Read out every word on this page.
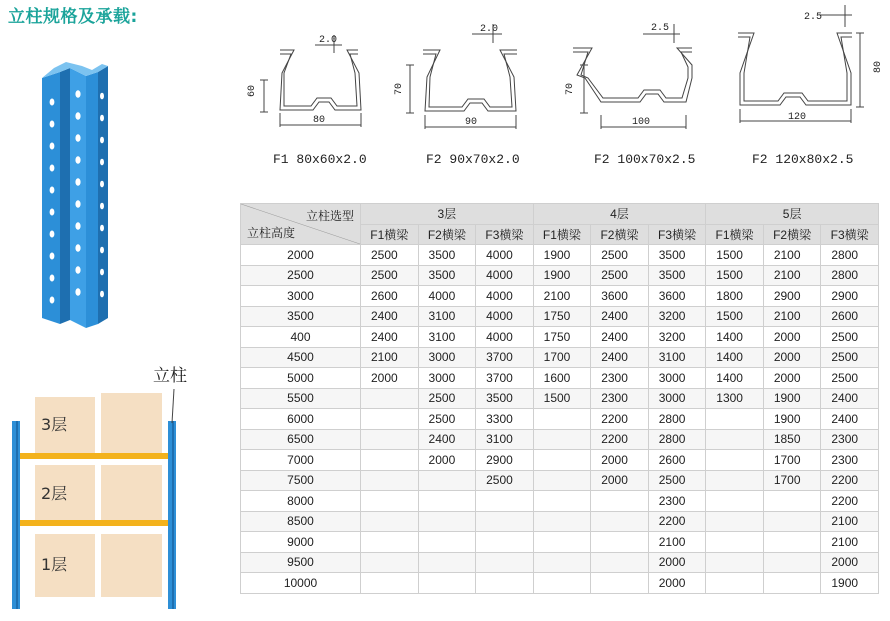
立柱规格及承载:
60
80
2.0
70
90
2.0
70
100
2.5
80
120
2.5
F1 80x60x2.0	F2 90x70x2.0	F2 100x70x2.5	F2 120x80x2.5
立柱
3层
2层
1层
立柱选型
立柱高度	3层			4层			5层		
	F1横梁	F2横梁	F3横梁	F1横梁	F2横梁	F3横梁	F1横梁	F2横梁	F3横梁
2000	2500	3500	4000	1900	2500	3500	1500	2100	2800
2500	2500	3500	4000	1900	2500	3500	1500	2100	2800
3000	2600	4000	4000	2100	3600	3600	1800	2900	2900
3500	2400	3100	4000	1750	2400	3200	1500	2100	2600
400	2400	3100	4000	1750	2400	3200	1400	2000	2500
4500	2100	3000	3700	1700	2400	3100	1400	2000	2500
5000	2000	3000	3700	1600	2300	3000	1400	2000	2500
5500		2500	3500	1500	2300	3000	1300	1900	2400
6000		2500	3300		2200	2800		1900	2400
6500		2400	3100		2200	2800		1850	2300
7000		2000	2900		2000	2600		1700	2300
7500			2500		2000	2500		1700	2200
8000						2300			2200
8500						2200			2100
9000						2100			2100
9500						2000			2000
10000						2000			1900
